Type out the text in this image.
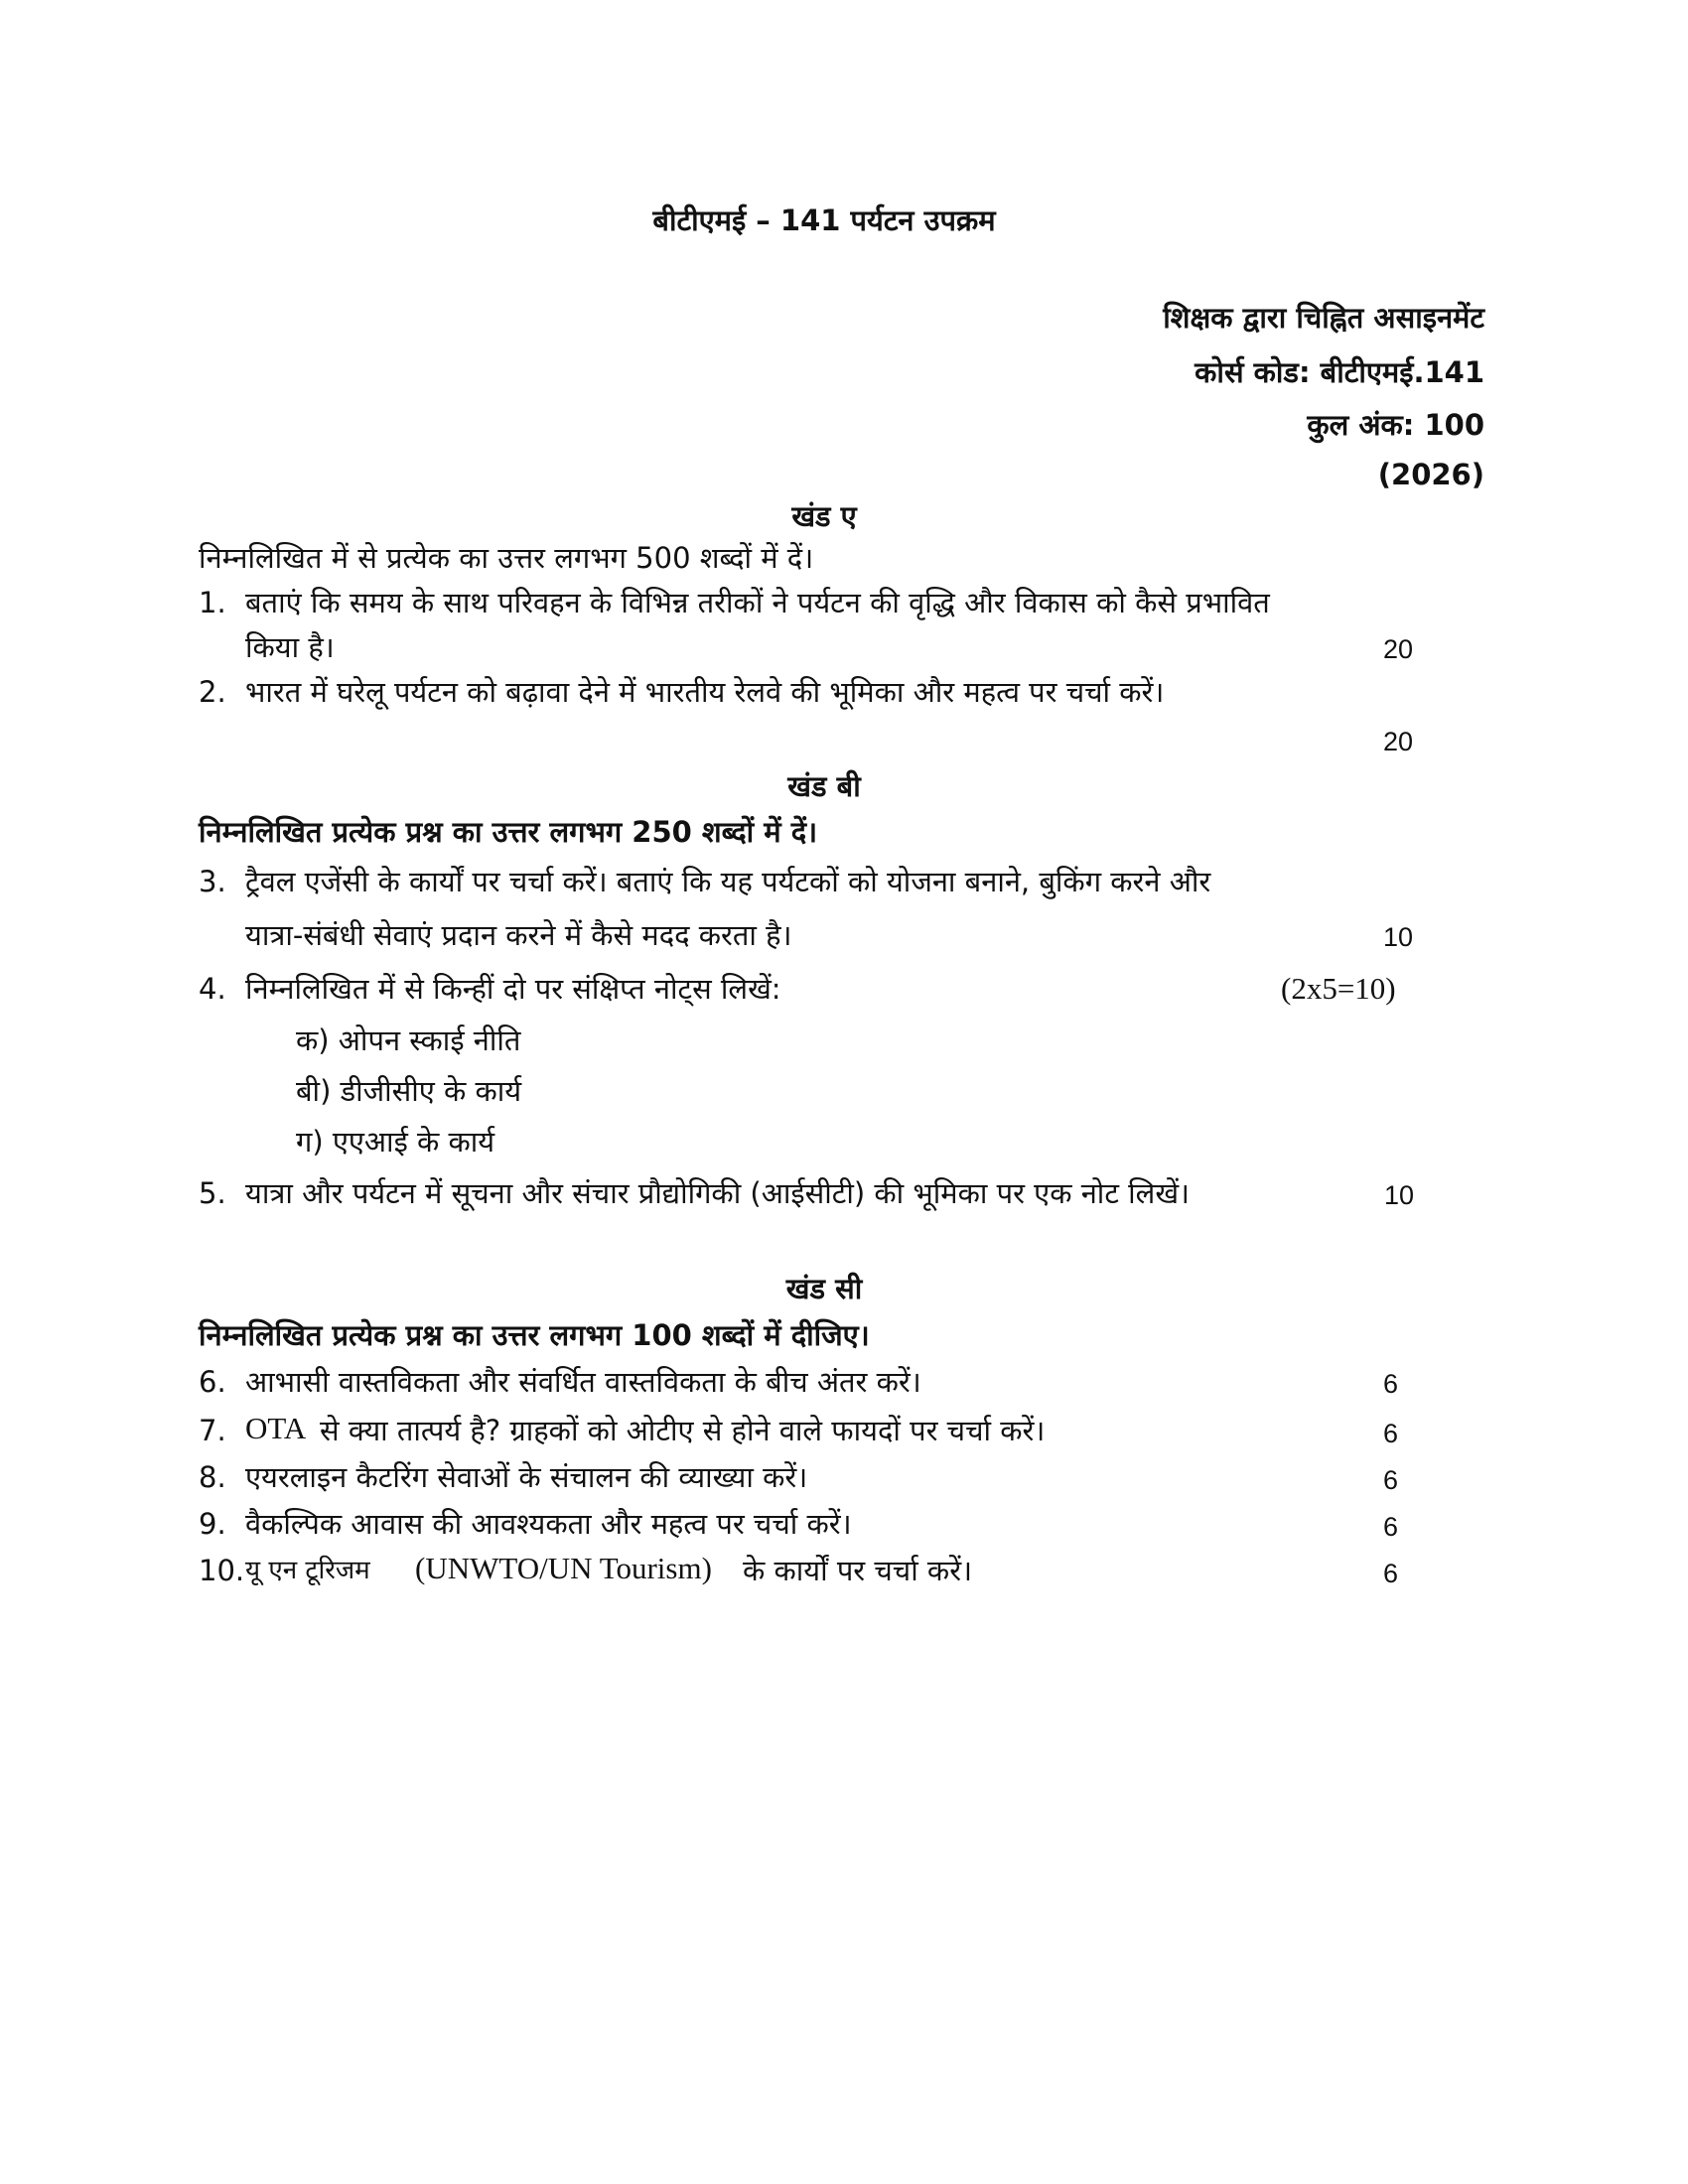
बीटीएमई – 141 पर्यटन उपक्रम
शिक्षक द्वारा चिह्नित असाइनमेंट
कोर्स कोड: बीटीएमई.141
कुल अंक: 100
(2026)
खंड ए
निम्नलिखित में से प्रत्येक का उत्तर लगभग 500 शब्दों में दें।
1. बताएं कि समय के साथ परिवहन के विभिन्न तरीकों ने पर्यटन की वृद्धि और विकास को कैसे प्रभावित
किया है।	20
2. भारत में घरेलू पर्यटन को बढ़ावा देने में भारतीय रेलवे की भूमिका और महत्व पर चर्चा करें।
20
खंड बी
निम्नलिखित प्रत्येक प्रश्न का उत्तर लगभग 250 शब्दों में दें।
3. ट्रैवल एजेंसी के कार्यों पर चर्चा करें। बताएं कि यह पर्यटकों को योजना बनाने, बुकिंग करने और
यात्रा-संबंधी सेवाएं प्रदान करने में कैसे मदद करता है।	10
4. निम्नलिखित में से किन्हीं दो पर संक्षिप्त नोट्स लिखें:	(2x5=10)
क) ओपन स्काई नीति
बी) डीजीसीए के कार्य
ग) एएआई के कार्य
5. यात्रा और पर्यटन में सूचना और संचार प्रौद्योगिकी (आईसीटी) की भूमिका पर एक नोट लिखें।	10
खंड सी
निम्नलिखित प्रत्येक प्रश्न का उत्तर लगभग 100 शब्दों में दीजिए।
6. आभासी वास्तविकता और संवर्धित वास्तविकता के बीच अंतर करें।	6
7. OTA से क्या तात्पर्य है? ग्राहकों को ओटीए से होने वाले फायदों पर चर्चा करें।	6
8. एयरलाइन कैटरिंग सेवाओं के संचालन की व्याख्या करें।	6
9. वैकल्पिक आवास की आवश्यकता और महत्व पर चर्चा करें।	6
10. यू एन टूरिजम (UNWTO/UN Tourism) के कार्यों पर चर्चा करें।	6
